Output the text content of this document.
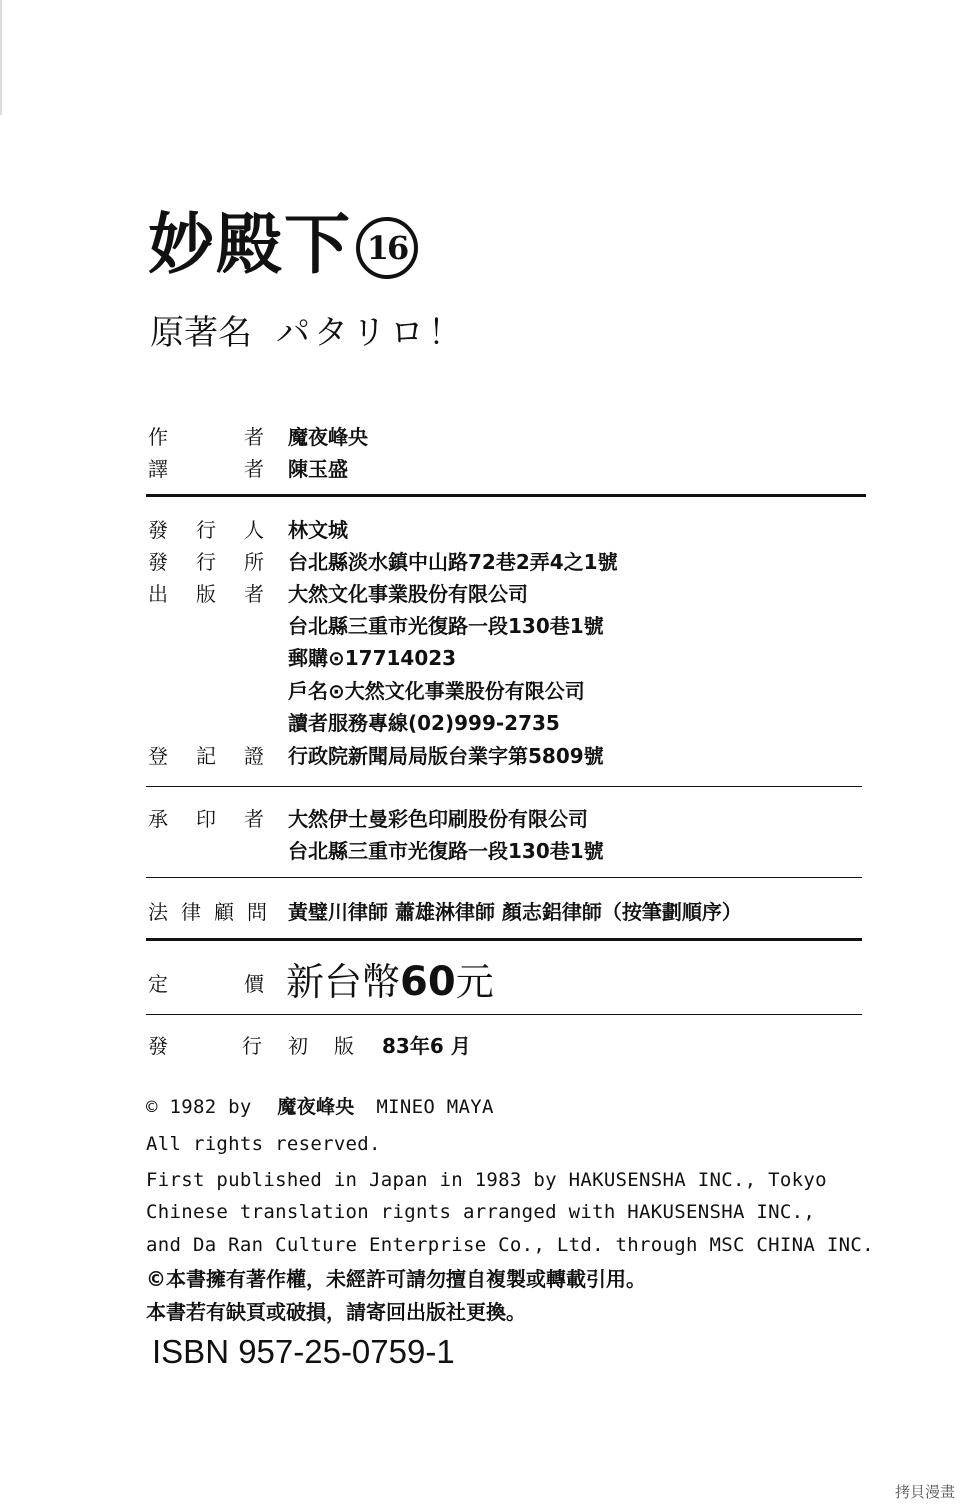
妙殿下 16
原著名 パタリロ！
作	者 魔夜峰央
譯	者 陳玉盛
發 行 人 林文城
發 行 所 台北縣淡水鎮中山路72巷2弄4之1號
出 版 者 大然文化事業股份有限公司
台北縣三重市光復路一段130巷1號
郵購⊙17714023
戶名⊙大然文化事業股份有限公司
讀者服務專線(02)999-2735
登 記 證 行政院新聞局局版台業字第5809號
承 印 者 大然伊士曼彩色印刷股份有限公司
台北縣三重市光復路一段130巷1號
法 律 顧 問 黃璧川律師 蕭雄淋律師 顏志鋁律師（按筆劃順序）
定	價 新台幣60元
發	行 初 版 83年6 月
© 1982 by 魔夜峰央 MINEO MAYA
All rights reserved.
First published in Japan in 1983 by HAKUSENSHA INC., Tokyo
Chinese translation rignts arranged with HAKUSENSHA INC.,
and Da Ran Culture Enterprise Co., Ltd. through MSC CHINA INC.
©本書擁有著作權，未經許可請勿擅自複製或轉載引用。
本書若有缺頁或破損，請寄回出版社更換。
ISBN 957-25-0759-1
拷貝漫畫
